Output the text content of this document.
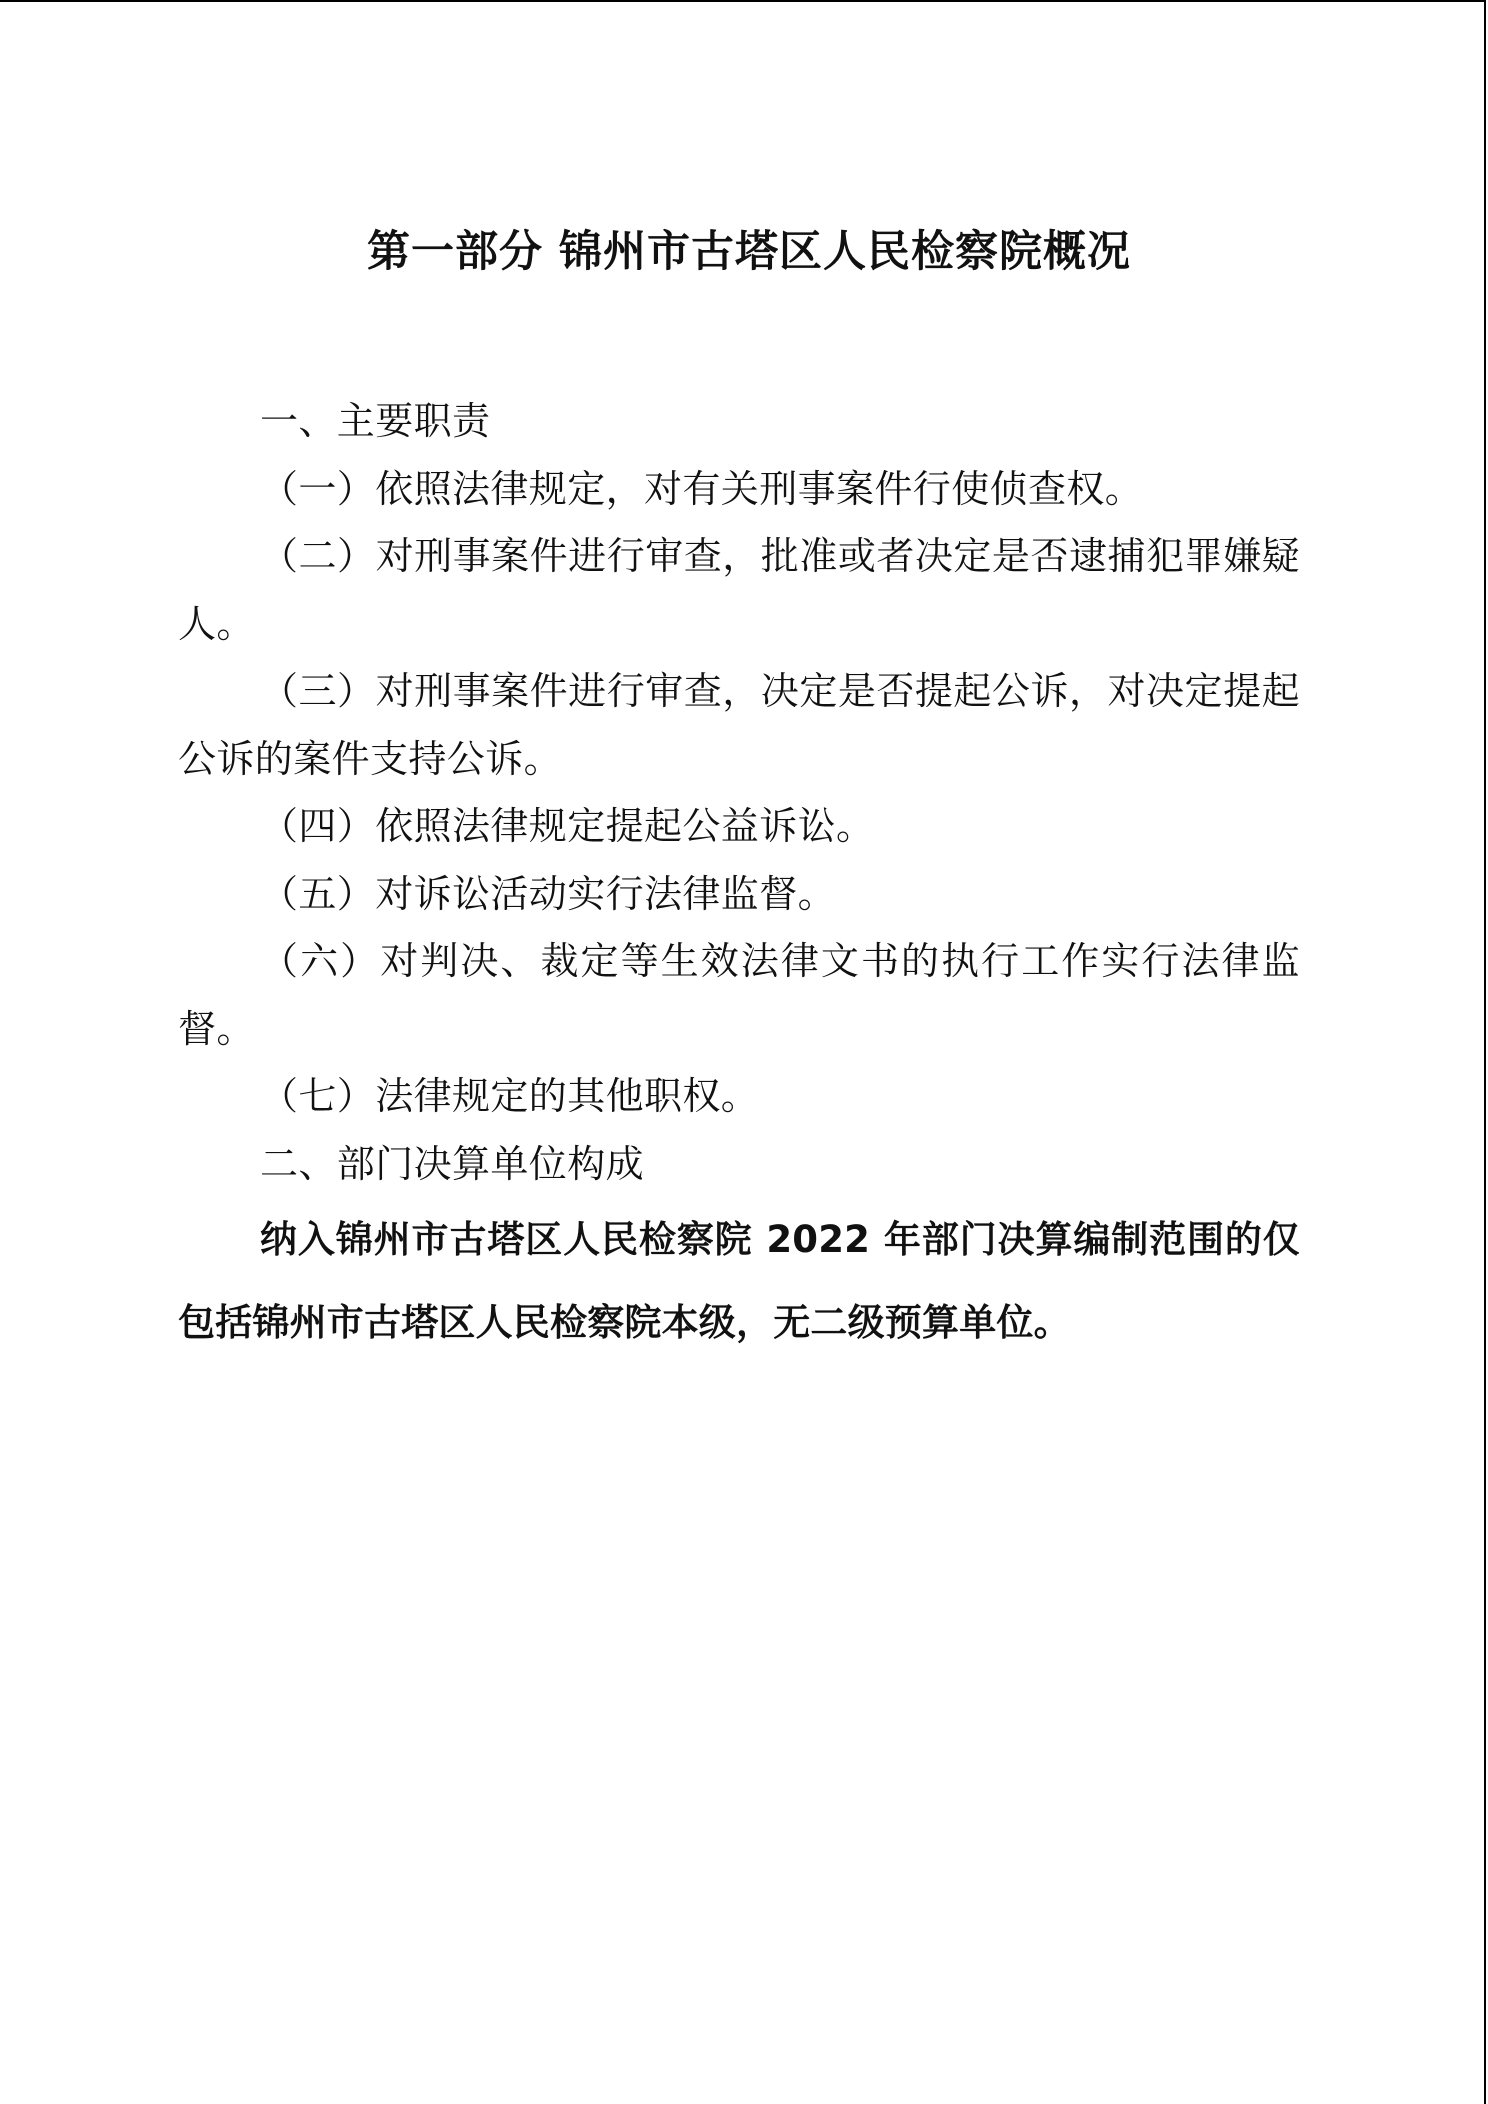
第一部分 锦州市古塔区人民检察院概况

一、主要职责

（一）依照法律规定，对有关刑事案件行使侦查权。

（二）对刑事案件进行审查，批准或者决定是否逮捕犯罪嫌疑人。

（三）对刑事案件进行审查，决定是否提起公诉，对决定提起公诉的案件支持公诉。

（四）依照法律规定提起公益诉讼。

（五）对诉讼活动实行法律监督。

（六）对判决、裁定等生效法律文书的执行工作实行法律监督。

（七）法律规定的其他职权。

二、部门决算单位构成

纳入锦州市古塔区人民检察院 2022 年部门决算编制范围的仅包括锦州市古塔区人民检察院本级，无二级预算单位。
